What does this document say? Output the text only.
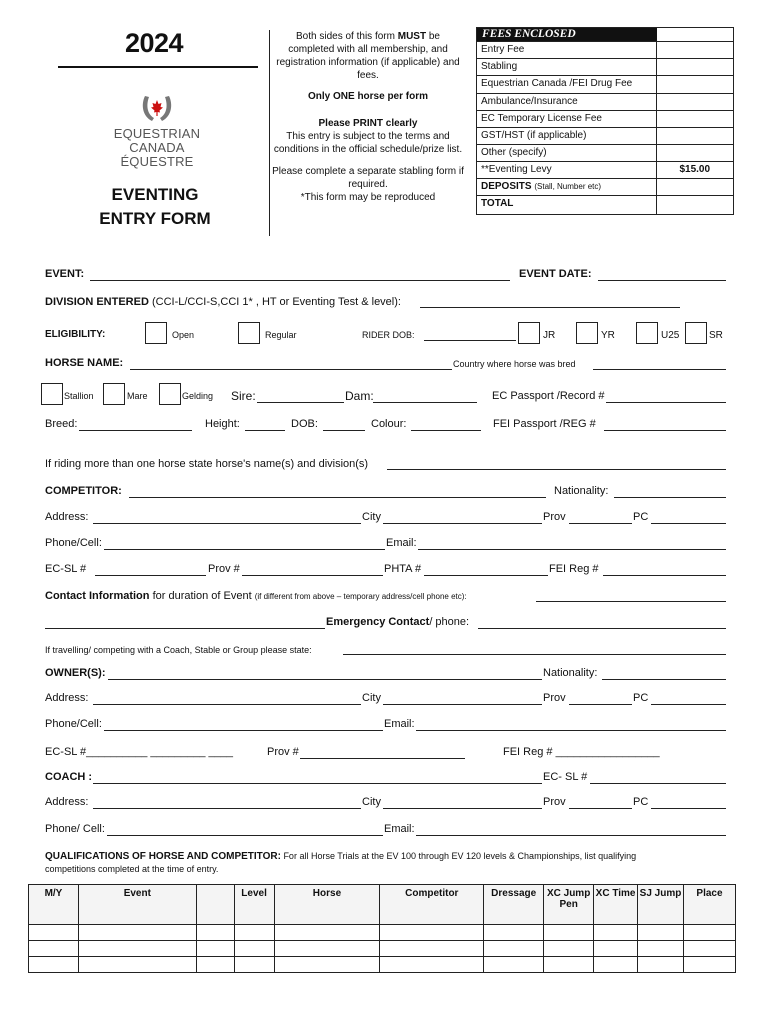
2024
EQUESTRIAN
CANADA
ÉQUESTRE
EVENTING
ENTRY FORM

Both sides of this form MUST be completed with all membership, and registration information (if applicable) and fees.

Only ONE horse per form

Please PRINT clearly

This entry is subject to the terms and conditions in the official schedule/prize list.

Please complete a separate stabling form if required.

*This form may be reproduced

FEES ENCLOSED
Entry Fee	
Stabling	
Equestrian Canada /FEI Drug Fee	
Ambulance/Insurance	
EC Temporary License Fee	
GST/HST (if applicable)	
Other (specify)	
**Eventing Levy	$15.00
DEPOSITS (Stall, Number etc)	
TOTAL	
EVENT:	EVENT DATE:
DIVISION ENTERED (CCI-L/CCI-S,CCI 1* , HT or Eventing Test & level):
ELIGIBILITY:	Open	Regular	RIDER DOB:	JR	YR	U25	SR
HORSE NAME:	Country where horse was bred
Stallion	Mare	Gelding Sire:	Dam:	EC Passport /Record #
Breed:	Height:	DOB:	Colour:	FEI Passport /REG #
If riding more than one horse state horse's name(s) and division(s)
COMPETITOR:	Nationality:
Address:	City	Prov	PC
Phone/Cell:	Email:
EC-SL #	Prov #	PHTA #	FEI Reg #
Contact Information for duration of Event (if different from above – temporary address/cell phone etc):
Emergency Contact/ phone:
If travelling/ competing with a Coach, Stable or Group please state:
OWNER(S):	Nationality:
Address:	City	Prov	PC
Phone/Cell:	Email:
EC-SL #__________ _________ ____	Prov #	FEI Reg # _________________
COACH :	EC- SL #
Address:	City	Prov	PC
Phone/ Cell:	Email:
QUALIFICATIONS OF HORSE AND COMPETITOR: For all Horse Trials at the EV 100 through EV 120 levels & Championships, list qualifying
competitions completed at the time of entry.
M/Y	Event		Level	Horse	Competitor	Dressage	XC Jump Pen	XC Time	SJ Jump	Place
